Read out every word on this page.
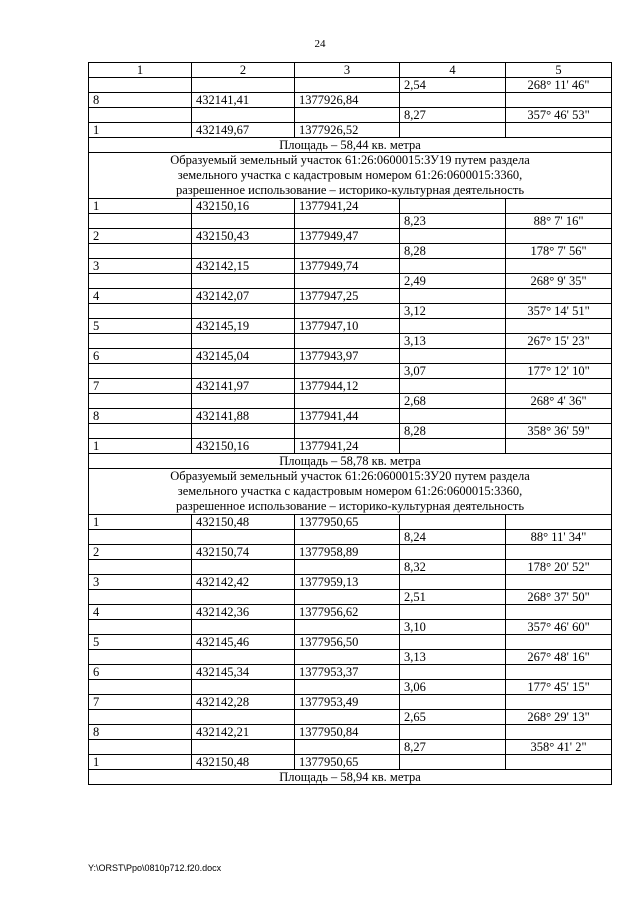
24
1	2	3	4	5
			2,54	268° 11' 46"
8	432141,41	1377926,84		
			8,27	357° 46' 53"
1	432149,67	1377926,52		
Площадь – 58,44 кв. метра				

Образуемый земельный участок 61:26:0600015:ЗУ19 путем раздела
земельного участка с кадастровым номером 61:26:0600015:3360,
разрешенное использование – историко-культурная деятельность				

1	432150,16	1377941,24		
			8,23	88° 7' 16"
2	432150,43	1377949,47		
			8,28	178° 7' 56"
3	432142,15	1377949,74		
			2,49	268° 9' 35"
4	432142,07	1377947,25		
			3,12	357° 14' 51"
5	432145,19	1377947,10		
			3,13	267° 15' 23"
6	432145,04	1377943,97		
			3,07	177° 12' 10"
7	432141,97	1377944,12		
			2,68	268° 4' 36"
8	432141,88	1377941,44		
			8,28	358° 36' 59"
1	432150,16	1377941,24		
Площадь – 58,78 кв. метра				

Образуемый земельный участок 61:26:0600015:ЗУ20 путем раздела
земельного участка с кадастровым номером 61:26:0600015:3360,
разрешенное использование – историко-культурная деятельность				

1	432150,48	1377950,65		
			8,24	88° 11' 34"
2	432150,74	1377958,89		
			8,32	178° 20' 52"
3	432142,42	1377959,13		
			2,51	268° 37' 50"
4	432142,36	1377956,62		
			3,10	357° 46' 60"
5	432145,46	1377956,50		
			3,13	267° 48' 16"
6	432145,34	1377953,37		
			3,06	177° 45' 15"
7	432142,28	1377953,49		
			2,65	268° 29' 13"
8	432142,21	1377950,84		
			8,27	358° 41' 2"
1	432150,48	1377950,65		
Площадь – 58,94 кв. метра				
Y:\ORST\Ppo\0810p712.f20.docx
